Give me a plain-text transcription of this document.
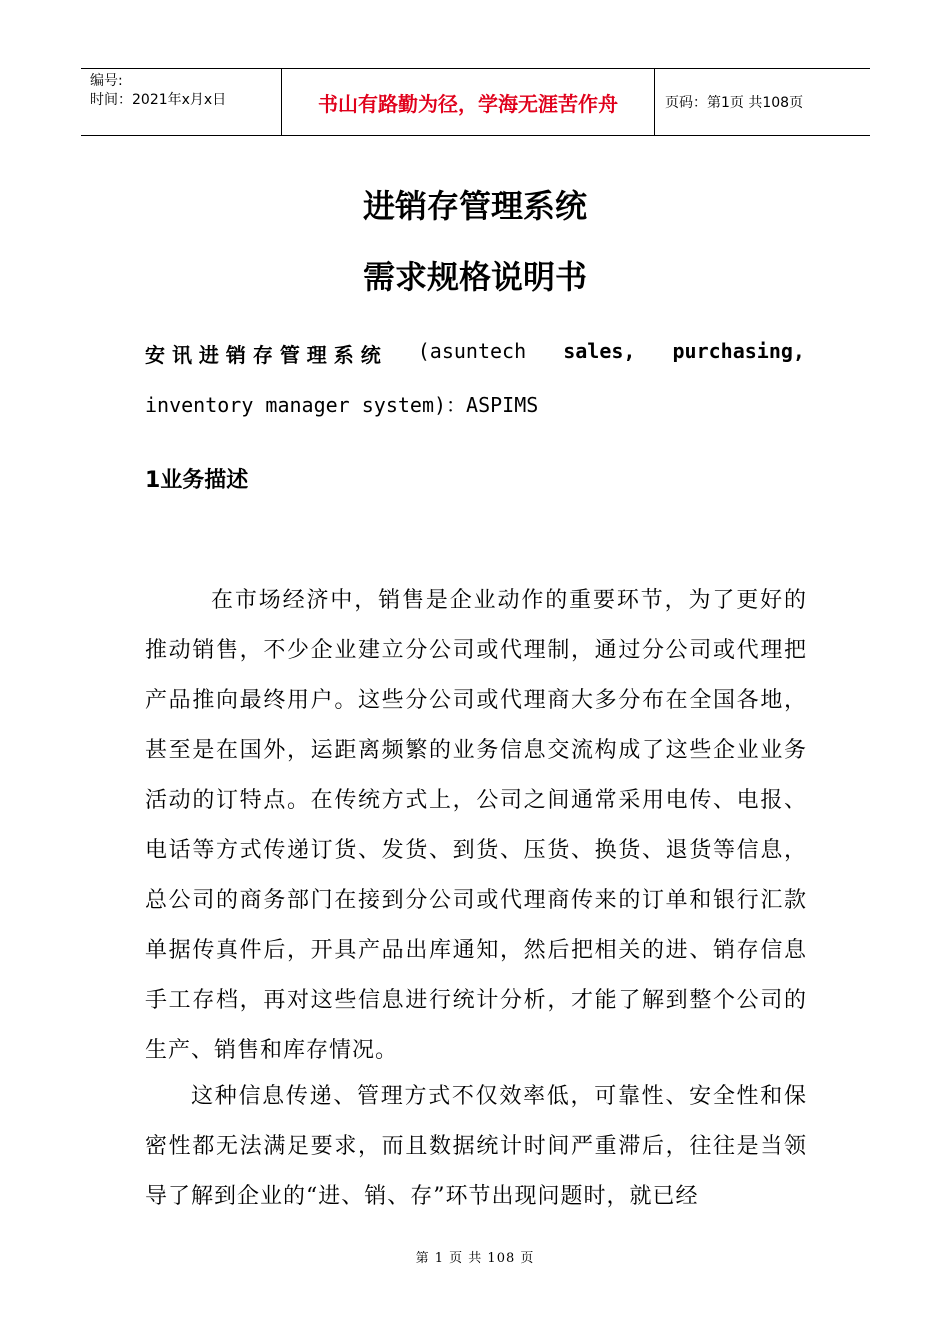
编号:
时间：2021年x月x日	书山有路勤为径，学海无涯苦作舟	页码：第1页 共108页
进销存管理系统
需求规格说明书
安 讯 进 销 存 管 理 系 统 (asuntech sales, purchasing,
inventory manager system)：ASPIMS
1业务描述
在市场经济中，销售是企业动作的重要环节，为了更好的推动销售，不少企业建立分公司或代理制，通过分公司或代理把产品推向最终用户。这些分公司或代理商大多分布在全国各地，甚至是在国外，运距离频繁的业务信息交流构成了这些企业业务活动的订特点。在传统方式上，公司之间通常采用电传、电报、电话等方式传递订货、发货、到货、压货、换货、退货等信息，总公司的商务部门在接到分公司或代理商传来的订单和银行汇款单据传真件后，开具产品出库通知，然后把相关的进、销存信息手工存档，再对这些信息进行统计分析，才能了解到整个公司的生产、销售和库存情况。
这种信息传递、管理方式不仅效率低，可靠性、安全性和保密性都无法满足要求，而且数据统计时间严重滞后，往往是当领导了解到企业的“进、销、存”环节出现问题时，就已经
第 1 页 共 108 页
